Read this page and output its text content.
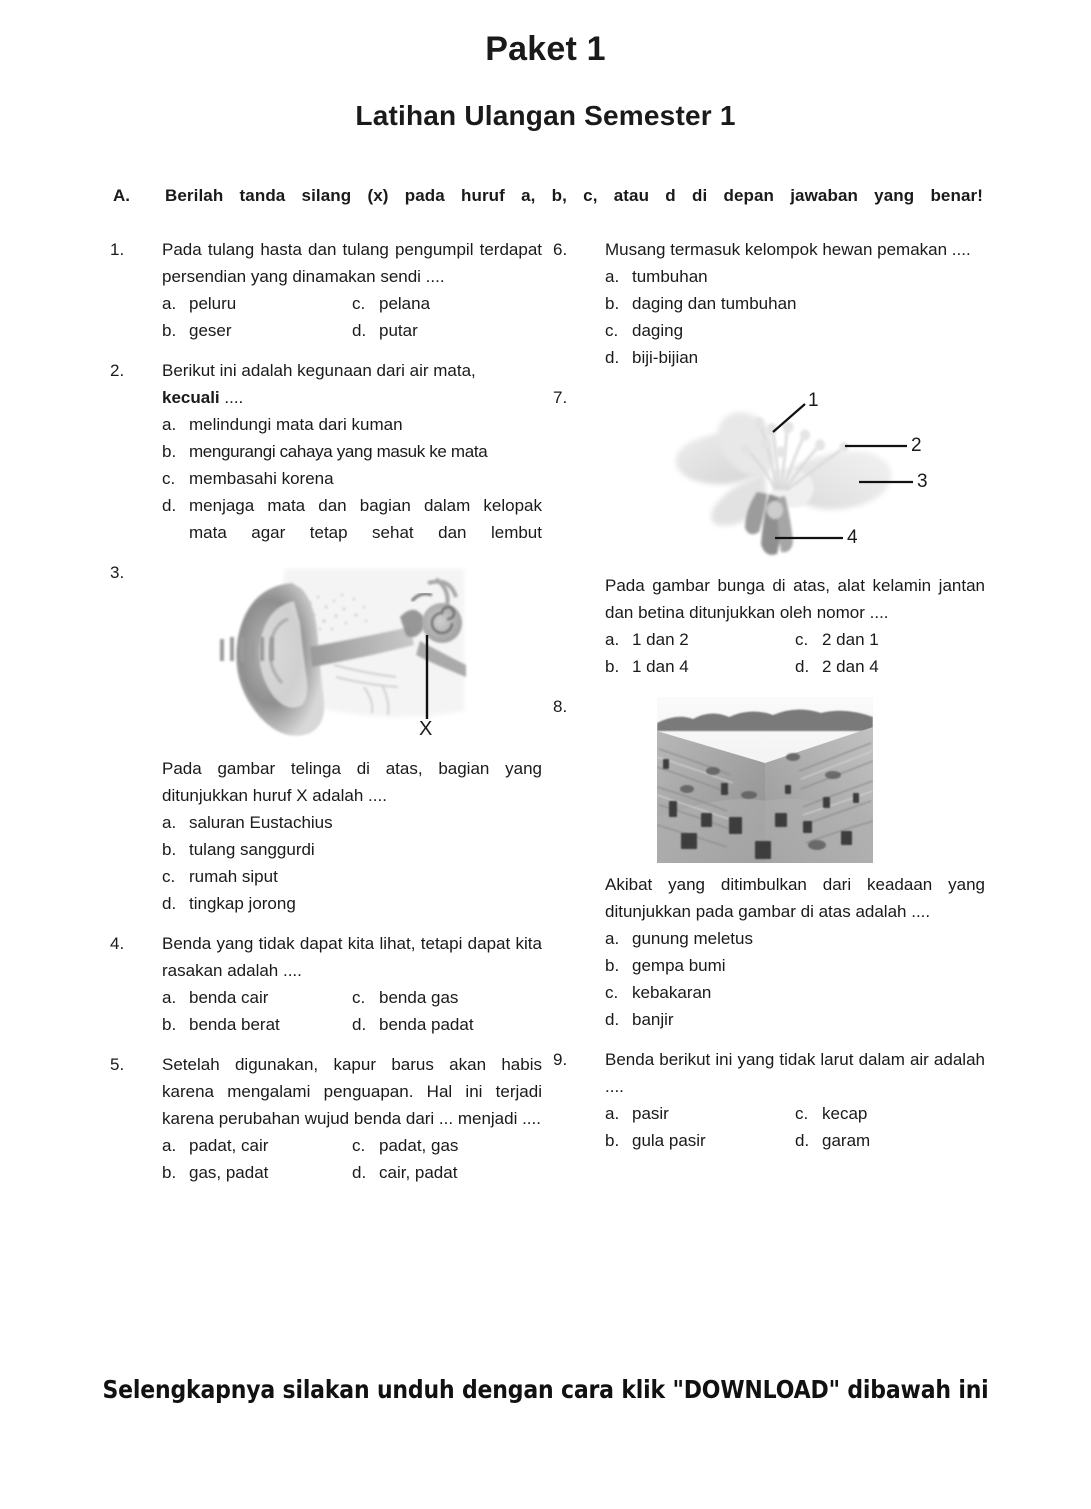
Paket 1
Latihan Ulangan Semester 1
A.	Berilah tanda silang (x) pada huruf a, b, c, atau d di depan jawaban yang benar!
1.	Pada tulang hasta dan tulang pengumpil terdapat persendian yang dinamakan sendi ....
a. peluru	c. pelana
b. geser	d. putar
2.	Berikut ini adalah kegunaan dari air mata,
kecuali ....
a. melindungi mata dari kuman
b. mengurangi cahaya yang masuk ke mata
c. membasahi korena
d. menjaga mata dan bagian dalam kelopak mata agar tetap sehat dan lembut
3.
X
Pada gambar telinga di atas, bagian yang ditunjukkan huruf X adalah ....
a. saluran Eustachius
b. tulang sanggurdi
c. rumah siput
d. tingkap jorong
4.	Benda yang tidak dapat kita lihat, tetapi dapat kita rasakan adalah ....
a. benda cair	c. benda gas
b. benda berat	d. benda padat
5.	Setelah digunakan, kapur barus akan habis karena mengalami penguapan. Hal ini terjadi karena perubahan wujud benda dari ... menjadi ....
a. padat, cair	c. padat, gas
b. gas, padat	d. cair, padat
6.	Musang termasuk kelompok hewan pemakan ....
a. tumbuhan
b. daging dan tumbuhan
c. daging
d. biji-bijian
7.	1
2
3
4
Pada gambar bunga di atas, alat kelamin jantan dan betina ditunjukkan oleh nomor ....
a. 1 dan 2	c. 2 dan 1
b. 1 dan 4	d. 2 dan 4
8.
Akibat yang ditimbulkan dari keadaan yang ditunjukkan pada gambar di atas adalah ....
a. gunung meletus
b. gempa bumi
c. kebakaran
d. banjir
9.	Benda berikut ini yang tidak larut dalam air adalah ....
a. pasir	c. kecap
b. gula pasir	d. garam
Selengkapnya silakan unduh dengan cara klik "DOWNLOAD" dibawah ini
